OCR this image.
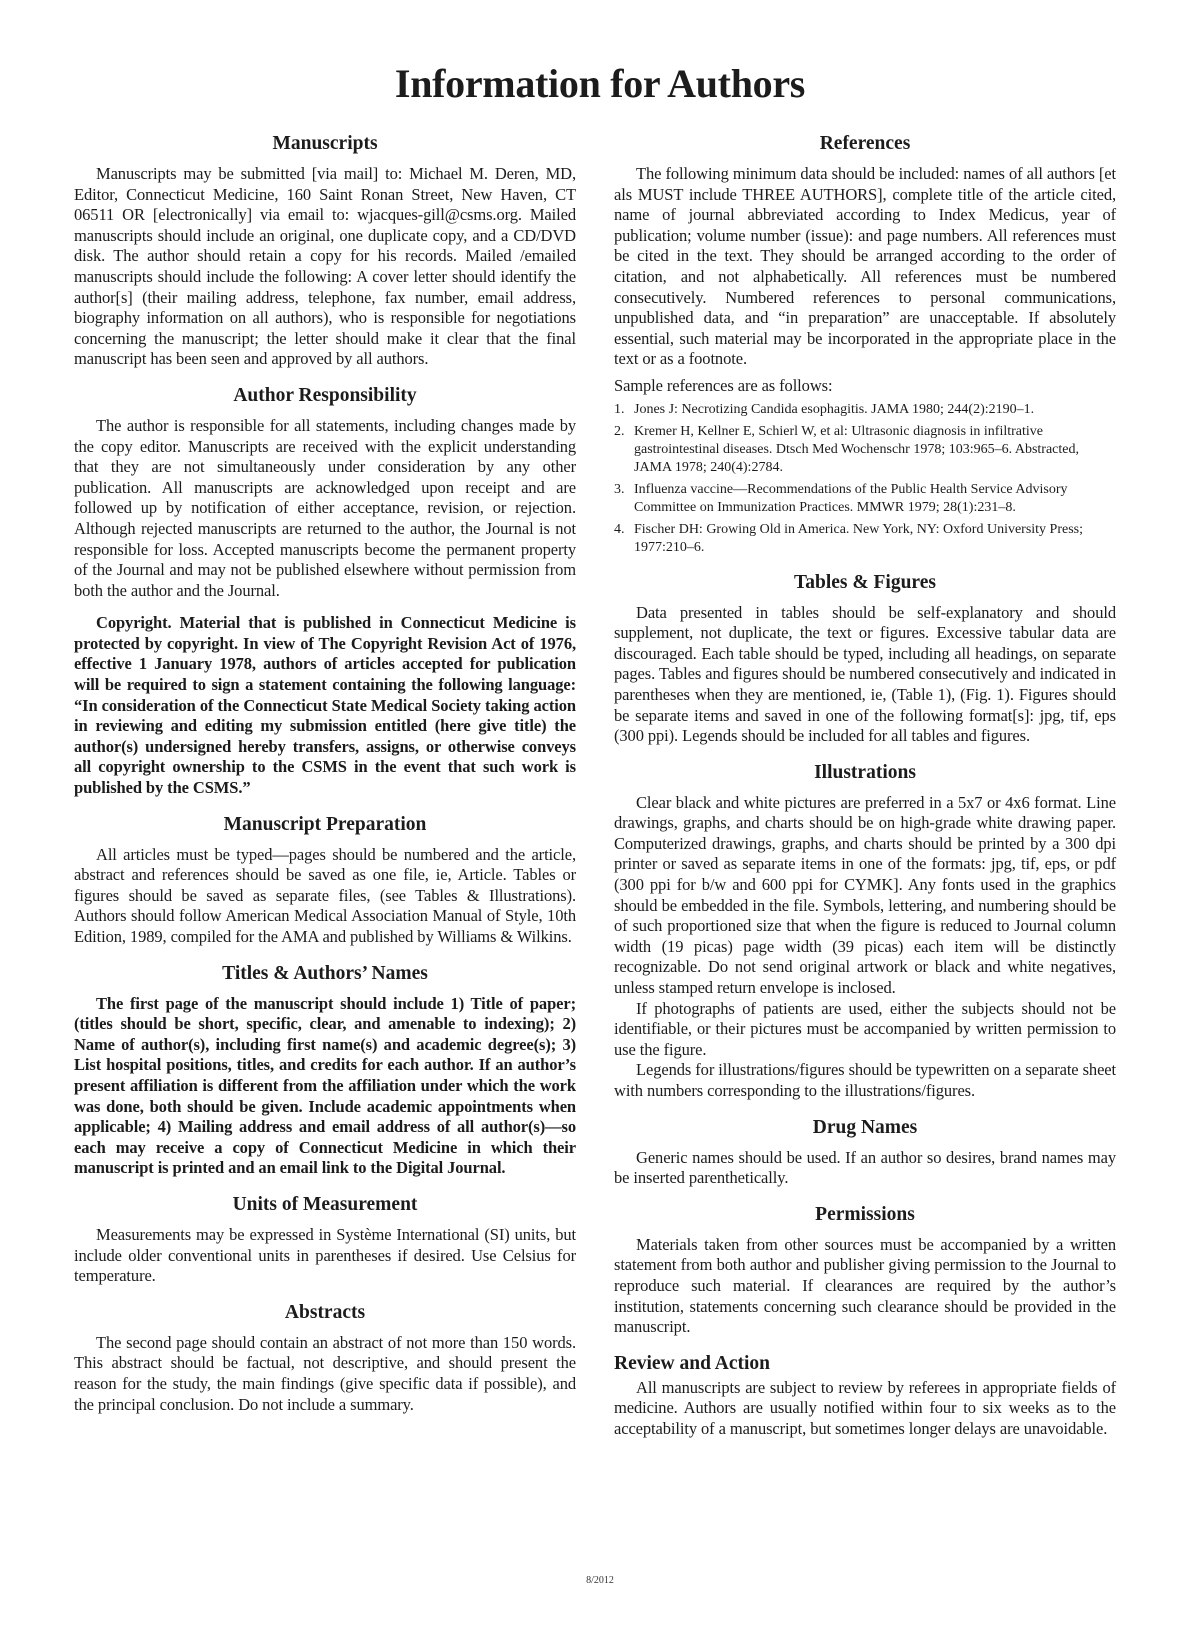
Information for Authors
Manuscripts

Manuscripts may be submitted [via mail] to: Michael M. Deren, MD, Editor, Connecticut Medicine, 160 Saint Ronan Street, New Haven, CT 06511 OR [electronically] via email to: wjacques-gill@csms.org. Mailed manuscripts should include an original, one duplicate copy, and a CD/DVD disk. The author should retain a copy for his records. Mailed /emailed manuscripts should include the following: A cover letter should identify the author[s] (their mailing address, telephone, fax number, email address, biography information on all authors), who is responsible for negotiations concerning the manuscript; the letter should make it clear that the final manuscript has been seen and approved by all authors.

Author Responsibility

The author is responsible for all statements, including changes made by the copy editor. Manuscripts are received with the explicit understanding that they are not simultaneously under consideration by any other publication. All manuscripts are acknowledged upon receipt and are followed up by notification of either acceptance, revision, or rejection. Although rejected manuscripts are returned to the author, the Journal is not responsible for loss. Accepted manuscripts become the permanent property of the Journal and may not be published elsewhere without permission from both the author and the Journal.

Copyright. Material that is published in Connecticut Medicine is protected by copyright. In view of The Copyright Revision Act of 1976, effective 1 January 1978, authors of articles accepted for publication will be required to sign a statement containing the following language: “In consideration of the Connecticut State Medical Society taking action in reviewing and editing my submission entitled (here give title) the author(s) undersigned hereby transfers, assigns, or otherwise conveys all copyright ownership to the CSMS in the event that such work is published by the CSMS.”

Manuscript Preparation

All articles must be typed—pages should be numbered and the article, abstract and references should be saved as one file, ie, Article. Tables or figures should be saved as separate files, (see Tables & Illustrations). Authors should follow American Medical Association Manual of Style, 10th Edition, 1989, compiled for the AMA and published by Williams & Wilkins.

Titles & Authors’ Names

The first page of the manuscript should include 1) Title of paper; (titles should be short, specific, clear, and amenable to indexing); 2) Name of author(s), including first name(s) and academic degree(s); 3) List hospital positions, titles, and credits for each author. If an author’s present affiliation is different from the affiliation under which the work was done, both should be given. Include academic appointments when applicable; 4) Mailing address and email address of all author(s)—so each may receive a copy of Connecticut Medicine in which their manuscript is printed and an email link to the Digital Journal.

Units of Measurement

Measurements may be expressed in Système International (SI) units, but include older conventional units in parentheses if desired. Use Celsius for temperature.

Abstracts

The second page should contain an abstract of not more than 150 words. This abstract should be factual, not descriptive, and should present the reason for the study, the main findings (give specific data if possible), and the principal conclusion. Do not include a summary.

References

The following minimum data should be included: names of all authors [et als MUST include THREE AUTHORS], complete title of the article cited, name of journal abbreviated according to Index Medicus, year of publication; volume number (issue): and page numbers. All references must be cited in the text. They should be arranged according to the order of citation, and not alphabetically. All references must be numbered consecutively. Numbered references to personal communications, unpublished data, and “in preparation” are unacceptable. If absolutely essential, such material may be incorporated in the appropriate place in the text or as a footnote.

Sample references are as follows:

1. Jones J: Necrotizing Candida esophagitis. JAMA 1980; 244(2):2190–1.
2. Kremer H, Kellner E, Schierl W, et al: Ultrasonic diagnosis in infiltrative gastrointestinal diseases. Dtsch Med Wochenschr 1978; 103:965–6. Abstracted, JAMA 1978; 240(4):2784.
3. Influenza vaccine—Recommendations of the Public Health Service Advisory Committee on Immunization Practices. MMWR 1979; 28(1):231–8.
4. Fischer DH: Growing Old in America. New York, NY: Oxford University Press; 1977:210–6.
Tables & Figures

Data presented in tables should be self-explanatory and should supplement, not duplicate, the text or figures. Excessive tabular data are discouraged. Each table should be typed, including all headings, on separate pages. Tables and figures should be numbered consecutively and indicated in parentheses when they are mentioned, ie, (Table 1), (Fig. 1). Figures should be separate items and saved in one of the following format[s]: jpg, tif, eps (300 ppi). Legends should be included for all tables and figures.

Illustrations

Clear black and white pictures are preferred in a 5x7 or 4x6 format. Line drawings, graphs, and charts should be on high-grade white drawing paper. Computerized drawings, graphs, and charts should be printed by a 300 dpi printer or saved as separate items in one of the formats: jpg, tif, eps, or pdf (300 ppi for b/w and 600 ppi for CYMK]. Any fonts used in the graphics should be embedded in the file. Symbols, lettering, and numbering should be of such proportioned size that when the figure is reduced to Journal column width (19 picas) page width (39 picas) each item will be distinctly recognizable. Do not send original artwork or black and white negatives, unless stamped return envelope is inclosed.

If photographs of patients are used, either the subjects should not be identifiable, or their pictures must be accompanied by written permission to use the figure.

Legends for illustrations/figures should be typewritten on a separate sheet with numbers corresponding to the illustrations/figures.

Drug Names

Generic names should be used. If an author so desires, brand names may be inserted parenthetically.

Permissions

Materials taken from other sources must be accompanied by a written statement from both author and publisher giving permission to the Journal to reproduce such material. If clearances are required by the author’s institution, statements concerning such clearance should be provided in the manuscript.

Review and Action

All manuscripts are subject to review by referees in appropriate fields of medicine. Authors are usually notified within four to six weeks as to the acceptability of a manuscript, but sometimes longer delays are unavoidable.

8/2012
